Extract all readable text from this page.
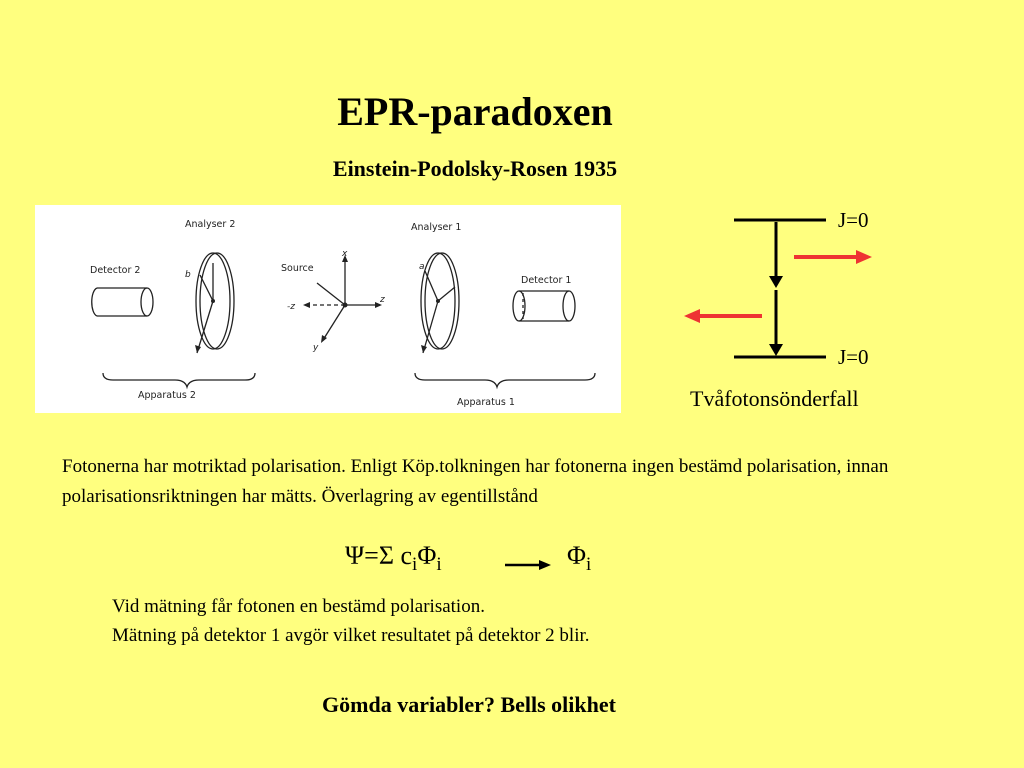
EPR-paradoxen
Einstein-Podolsky-Rosen 1935
Analyser 2	Analyser 1
Detector 2
Detector 1
Source
x
z
-z
y
a
b
Apparatus 2
Apparatus 1
J=0
J=0
Tvåfotonsönderfall
Fotonerna har motriktad polarisation. Enligt Köp.tolkningen har fotonerna ingen bestämd polarisation, innan polarisationsriktningen har mätts. Överlagring av egentillstånd
Ψ=Σ $c_i\Phi_i$	$\Phi_i$
Vid mätning får fotonen en bestämd polarisation.
Mätning på detektor 1 avgör vilket resultatet på detektor 2 blir.
Gömda variabler? Bells olikhet
